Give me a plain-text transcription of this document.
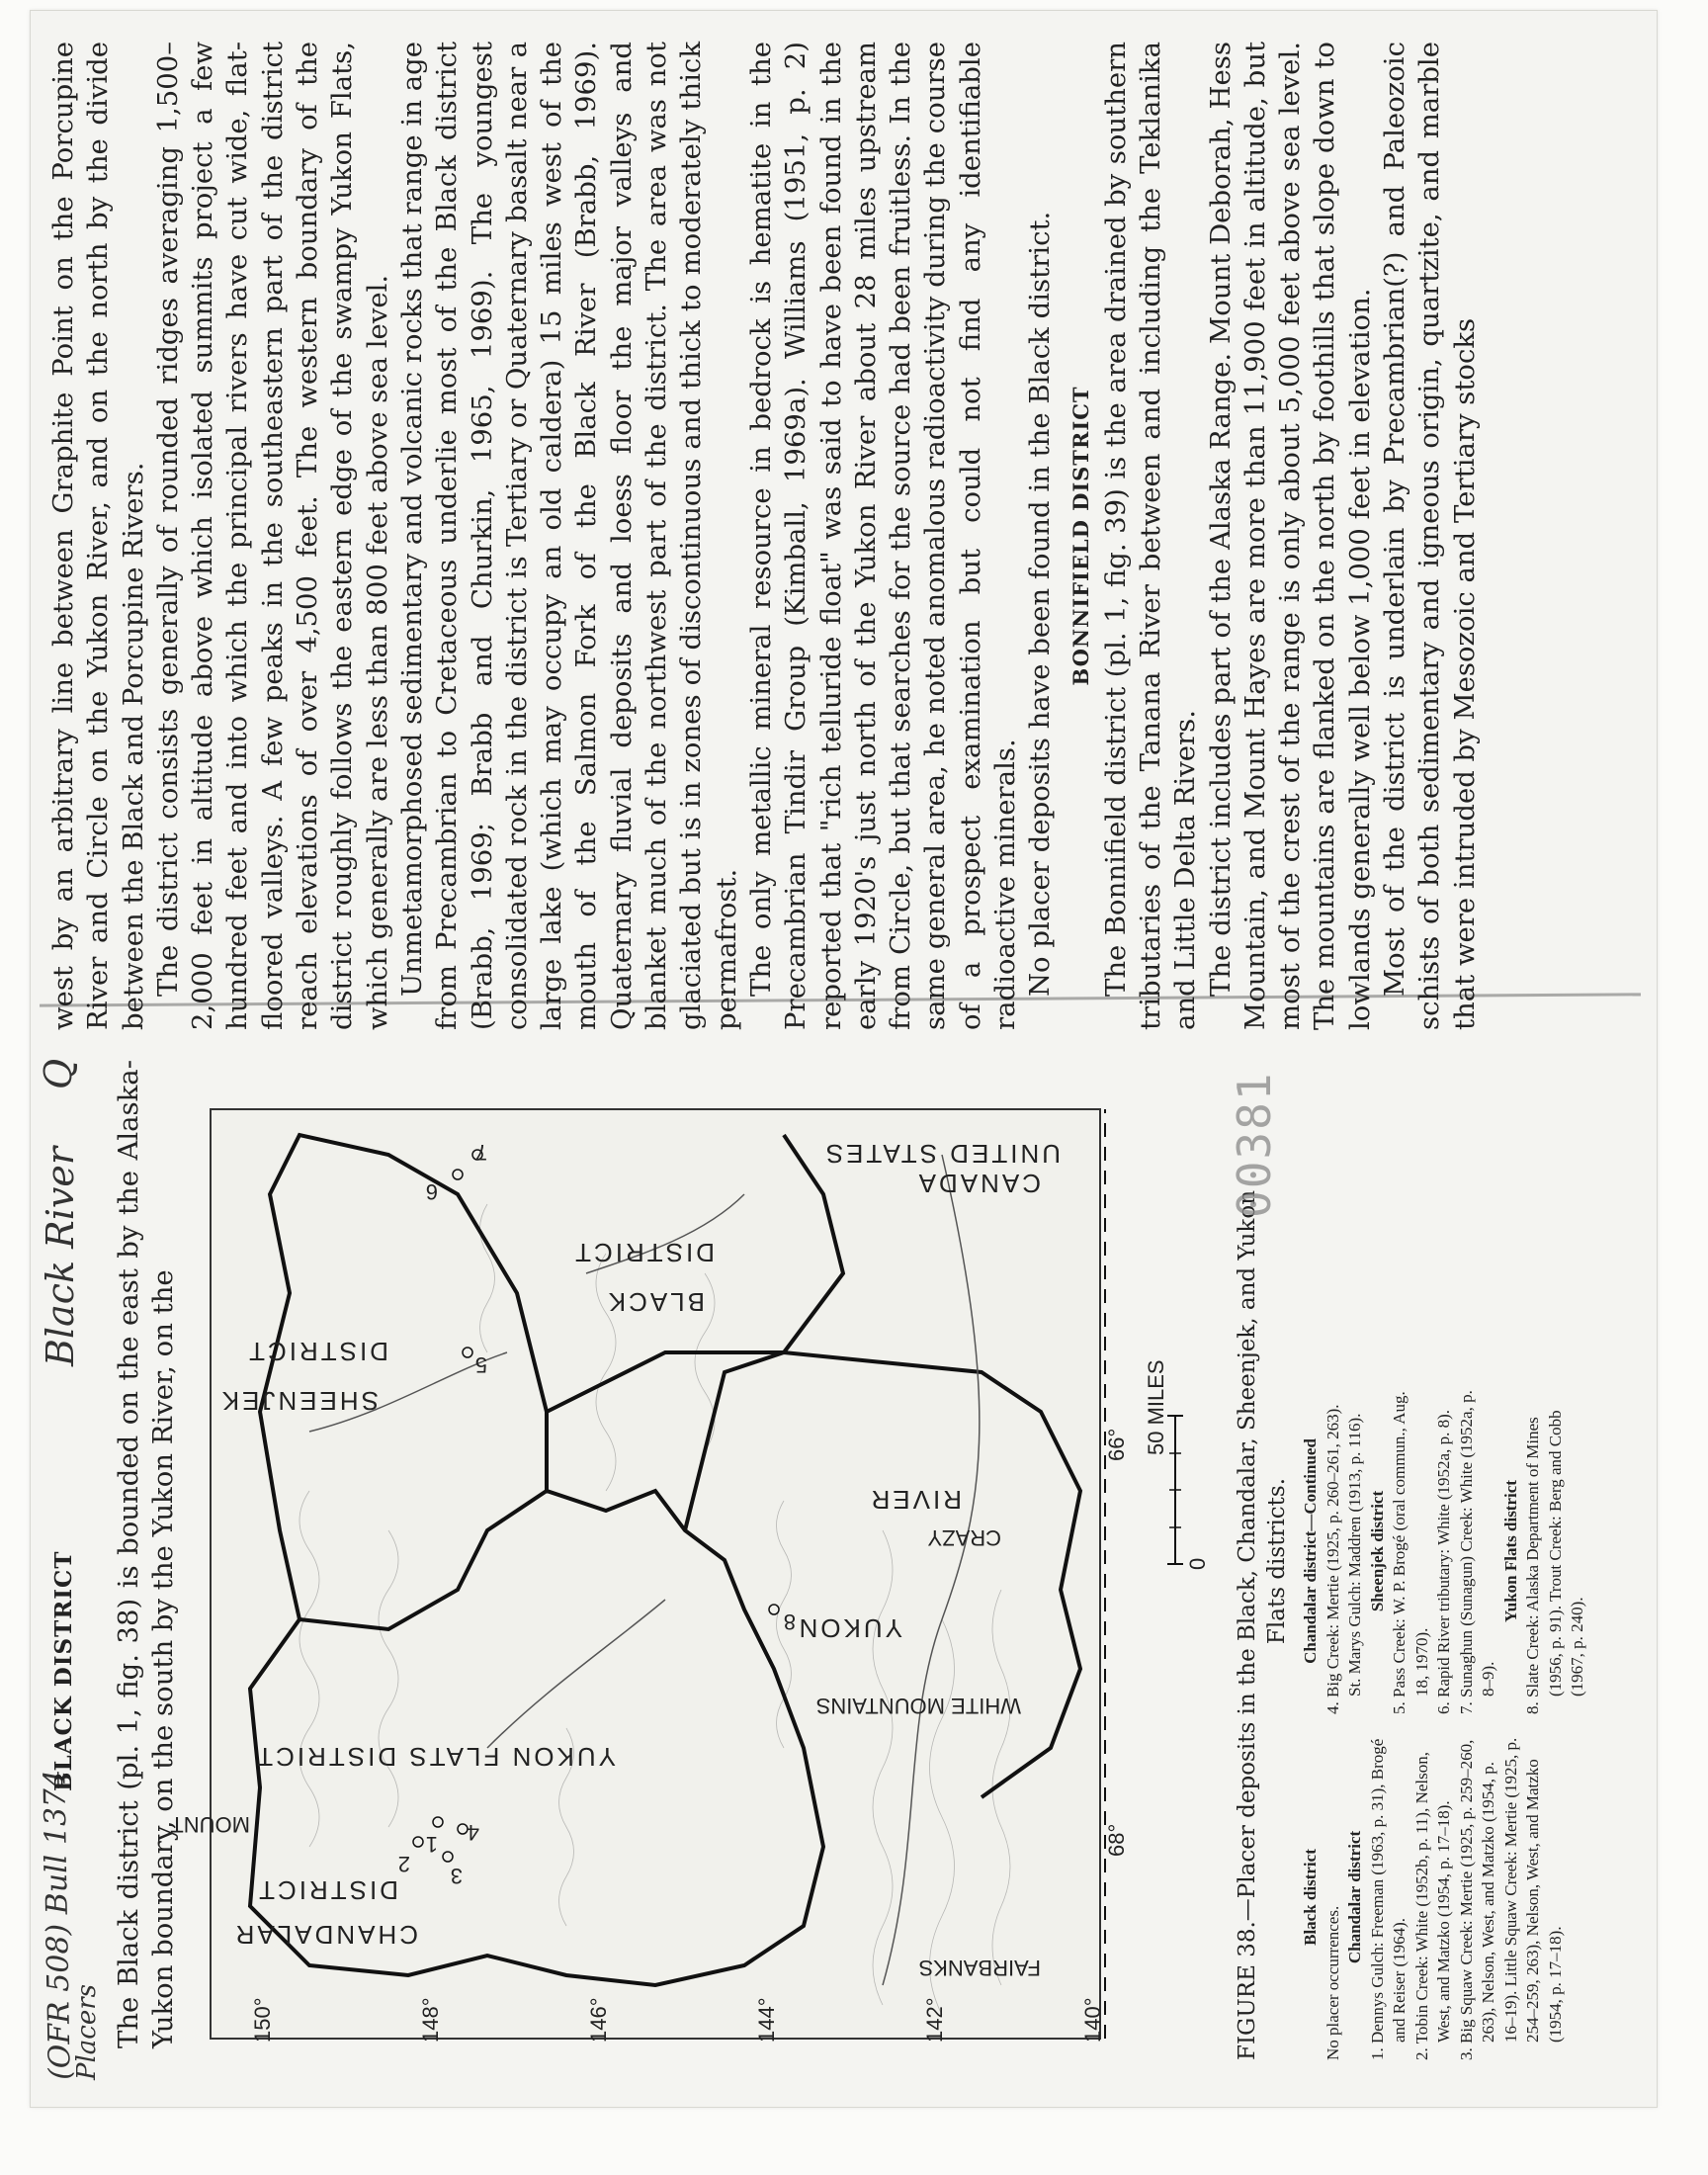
(OFR 508) Bull 1374
Placers
BLACK DISTRICT
Black River
Q The Black district (pl. 1, fig. 38) is bounded on the east by the Alaska-Yukon boundary, on the south by the Yukon River, on the CHANDALAR
DISTRICT
SHEENJEK
DISTRICT
YUKON FLATS DISTRICT
BLACK
DISTRICT
CANADA
UNITED STATES
YUKON
RIVER
CRAZY
WHITE MOUNTAINS
MOUNT
FAIRBANKS
1
2 3
4
5
6
7
8
150°	148°	146°	144°	142°	140°
68°
66°
0
50 MILES	FIGURE 38.—Placer deposits in the Black, Chandalar, Sheenjek, and Yukon Flats districts.

Black district

No placer occurrences.

Chandalar district 1. Dennys Gulch: Freeman (1963, p. 31), Brogé and Reiser (1964). 2. Tobin Creek: White (1952b, p. 11), Nelson, West, and Matzko (1954, p. 17–18). 3. Big Squaw Creek: Mertie (1925, p. 259–260, 263), Nelson, West, and Matzko (1954, p. 16–19). Little Squaw Creek: Mertie (1925, p. 254–259, 263), Nelson, West, and Matzko (1954, p. 17–18).

Chandalar district—Continued 4. Big Creek: Mertie (1925, p. 260–261, 263). St. Marys Gulch: Maddren (1913, p. 116). Sheenjek district 5. Pass Creek: W. P. Brogé (oral commun., Aug. 18, 1970). 6. Rapid River tributary: White (1952a, p. 8). 7. Sunaghun (Sunagun) Creek: White (1952a, p. 8–9).

Yukon Flats district 8. Slate Creek: Alaska Department of Mines (1956, p. 91). Trout Creek: Berg and Cobb (1967, p. 240).

west by an arbitrary line between Graphite Point on the Porcupine River and Circle on the Yukon River, and on the north by the divide between the Black and Porcupine Rivers. The district consists generally of rounded ridges averaging 1,500–2,000 feet in altitude above which isolated summits project a few hundred feet and into which the principal rivers have cut wide, flat-floored valleys. A few peaks in the southeastern part of the district reach elevations of over 4,500 feet. The western boundary of the district roughly follows the eastern edge of the swampy Yukon Flats, which generally are less than 800 feet above sea level. Unmetamorphosed sedimentary and volcanic rocks that range in age from Precambrian to Cretaceous underlie most of the Black district (Brabb, 1969; Brabb and Churkin, 1965, 1969). The youngest consolidated rock in the district is Tertiary or Quaternary basalt near a large lake (which may occupy an old caldera) 15 miles west of the mouth of the Salmon Fork of the Black River (Brabb, 1969). Quaternary fluvial deposits and loess floor the major valleys and blanket much of the northwest part of the district. The area was not glaciated but is in zones of discontinuous and thick to moderately thick permafrost. The only metallic mineral resource in bedrock is hematite in the Precambrian Tindir Group (Kimball, 1969a). Williams (1951, p. 2) reported that "rich telluride float" was said to have been found in the early 1920's just north of the Yukon River about 28 miles upstream from Circle, but that searches for the source had been fruitless. In the same general area, he noted anomalous radioactivity during the course of a prospect examination but could not find any identifiable radioactive minerals. No placer deposits have been found in the Black district. BONNIFIELD DISTRICT The Bonnifield district (pl. 1, fig. 39) is the area drained by southern tributaries of the Tanana River between and including the Teklanika and Little Delta Rivers. The district includes part of the Alaska Range. Mount Deborah, Hess Mountain, and Mount Hayes are more than 11,900 feet in altitude, but most of the crest of the range is only about 5,000 feet above sea level. The mountains are flanked on the north by foothills that slope down to lowlands generally well below 1,000 feet in elevation. Most of the district is underlain by Precambrian(?) and Paleozoic schists of both sedimentary and igneous origin, quartzite, and marble that were intruded by Mesozoic and Tertiary stocks

00381
